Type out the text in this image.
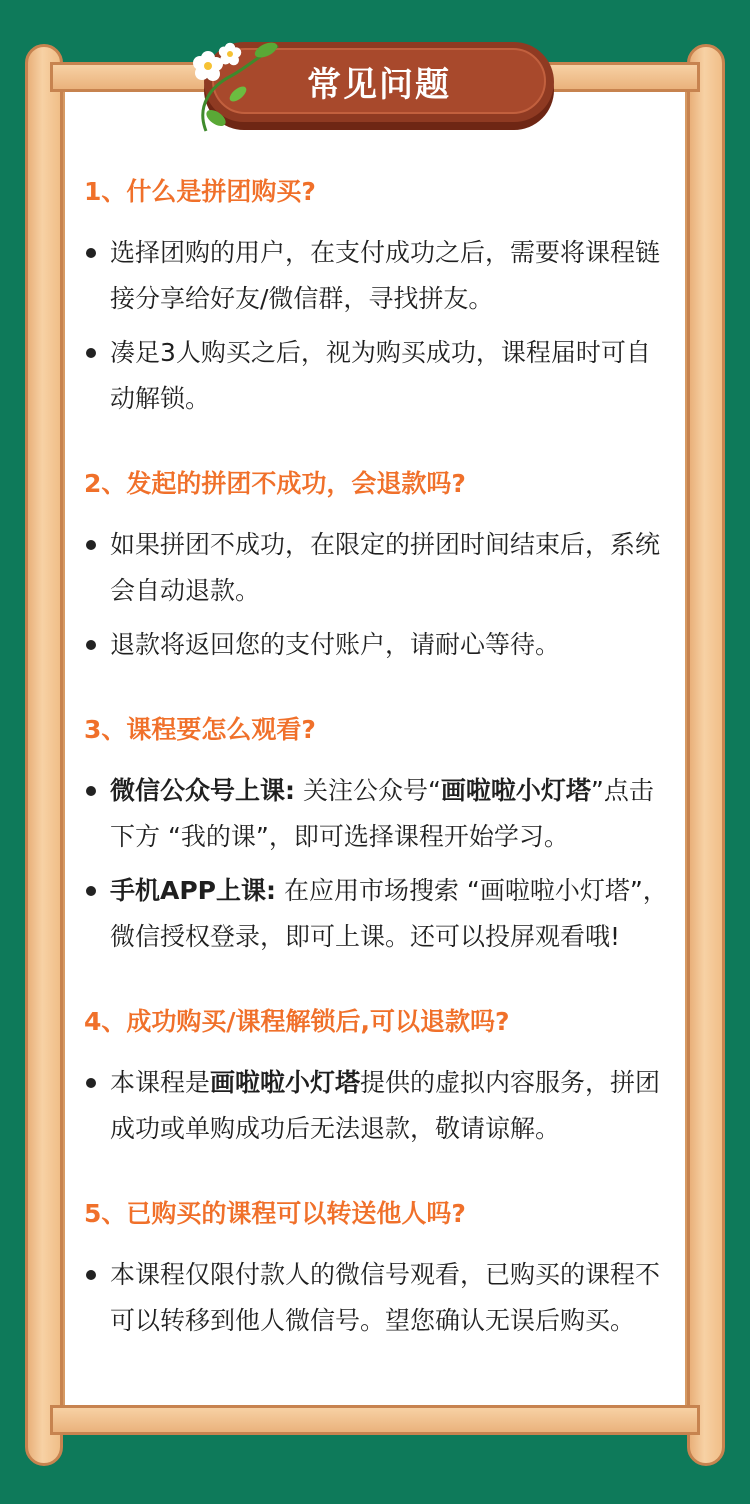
常见问题
1、什么是拼团购买?
选择团购的用户，在支付成功之后，需要将课程链接分享给好友/微信群，寻找拼友。
凑足3人购买之后，视为购买成功，课程届时可自动解锁。
2、发起的拼团不成功，会退款吗?
如果拼团不成功，在限定的拼团时间结束后，系统会自动退款。
退款将返回您的支付账户，请耐心等待。
3、课程要怎么观看?
微信公众号上课: 关注公众号“画啦啦小灯塔”点击下方 “我的课”，即可选择课程开始学习。
手机APP上课: 在应用市场搜索 “画啦啦小灯塔”，微信授权登录，即可上课。还可以投屏观看哦!
4、成功购买/课程解锁后,可以退款吗?
本课程是画啦啦小灯塔提供的虚拟内容服务，拼团成功或单购成功后无法退款，敬请谅解。
5、已购买的课程可以转送他人吗?
本课程仅限付款人的微信号观看，已购买的课程不可以转移到他人微信号。望您确认无误后购买。
